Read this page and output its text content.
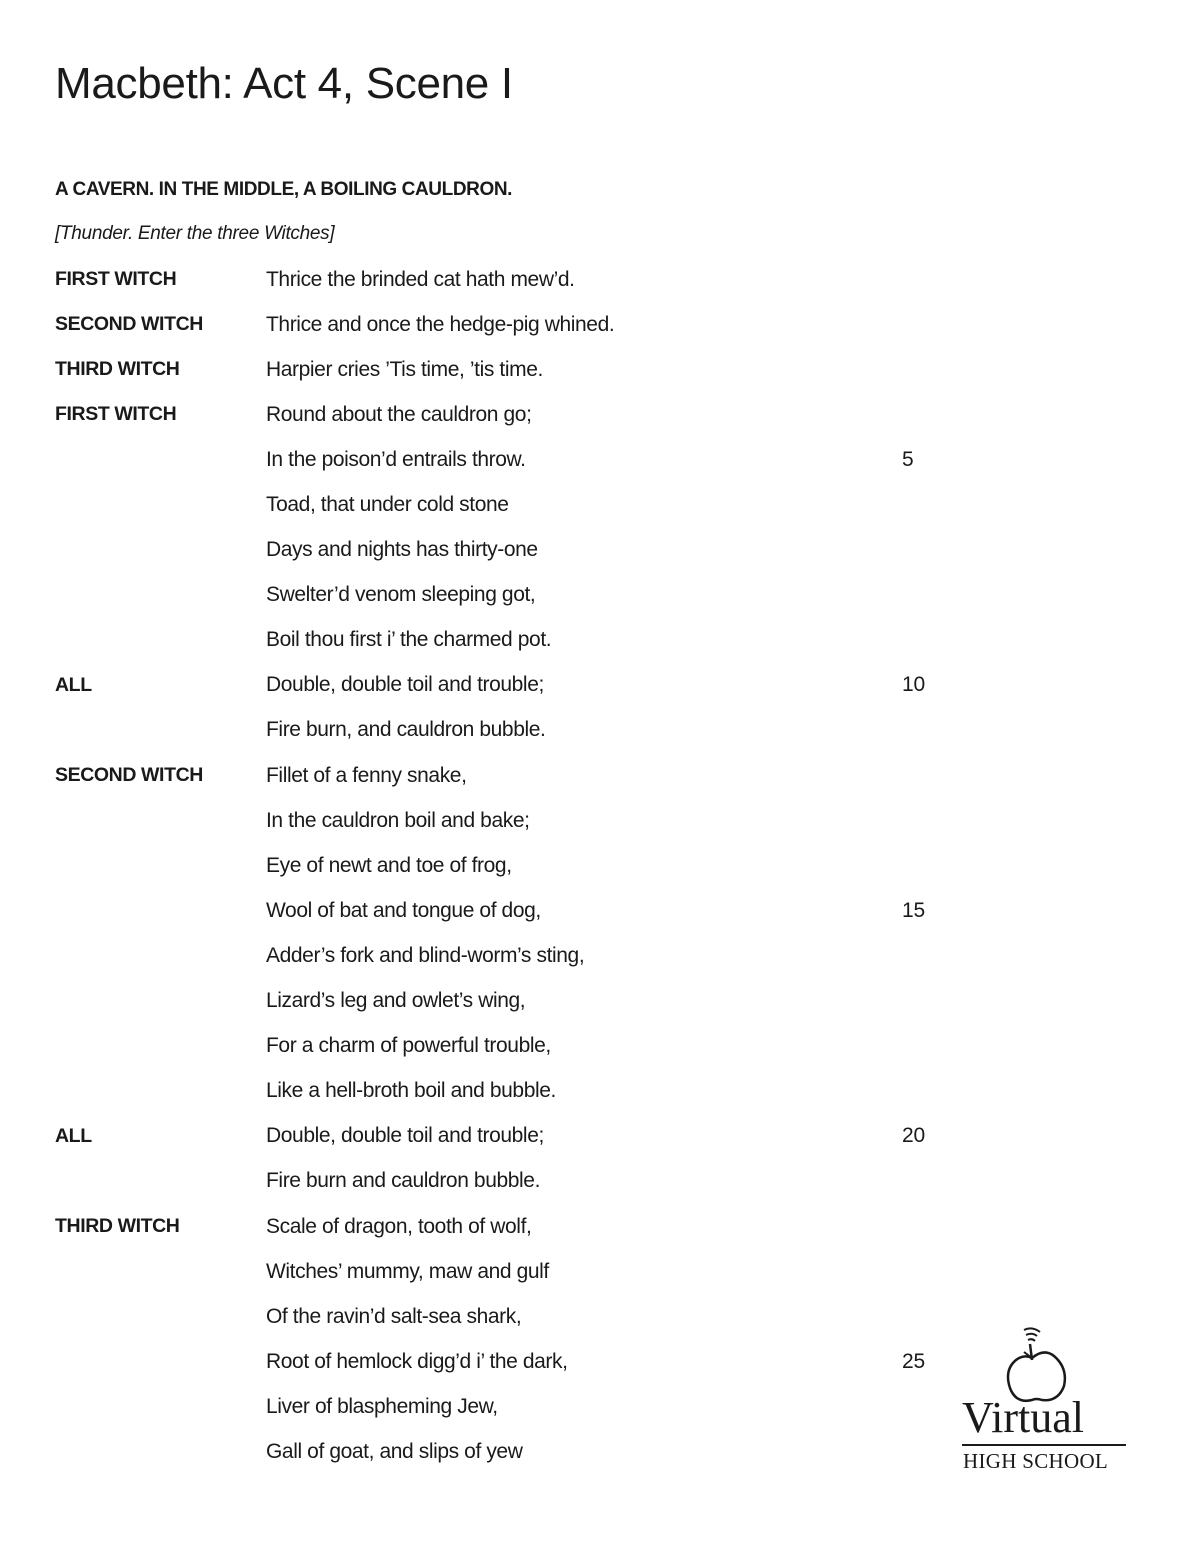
Macbeth: Act 4, Scene I
A CAVERN. IN THE MIDDLE, A BOILING CAULDRON.
[Thunder. Enter the three Witches]
FIRST WITCH	Thrice the brinded cat hath mew’d.
SECOND WITCH	Thrice and once the hedge-pig whined.
THIRD WITCH	Harpier cries ’Tis time, ’tis time.
FIRST WITCH	Round about the cauldron go;
In the poison’d entrails throw.	5
Toad, that under cold stone
Days and nights has thirty-one
Swelter’d venom sleeping got,
Boil thou first i’ the charmed pot.
ALL	Double, double toil and trouble;	10
Fire burn, and cauldron bubble.
SECOND WITCH	Fillet of a fenny snake,
In the cauldron boil and bake;
Eye of newt and toe of frog,
Wool of bat and tongue of dog,	15
Adder’s fork and blind-worm’s sting,
Lizard’s leg and owlet’s wing,
For a charm of powerful trouble,
Like a hell-broth boil and bubble.
ALL	Double, double toil and trouble;	20
Fire burn and cauldron bubble.
THIRD WITCH	Scale of dragon, tooth of wolf,
Witches’ mummy, maw and gulf
Of the ravin’d salt-sea shark,
Root of hemlock digg’d i’ the dark,	25
Liver of blaspheming Jew,
Gall of goat, and slips of yew
Virtual
HIGH SCHOOL
